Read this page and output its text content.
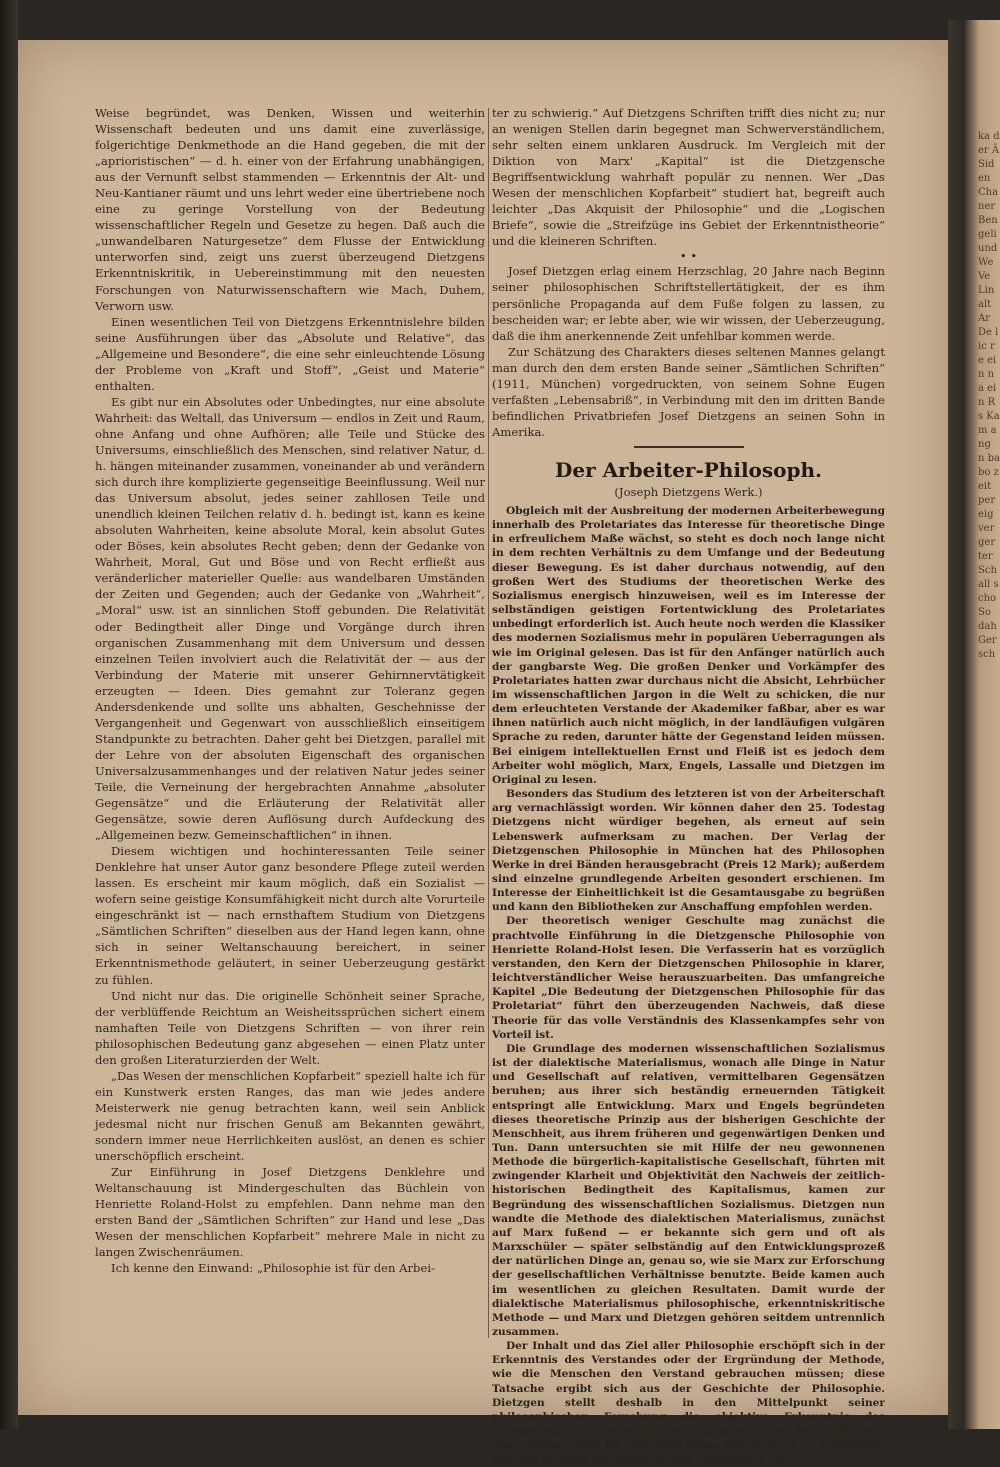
ka der Ä Siden Cha ner Ben geli und We Ve Lin alt Ar De lic re ein na ein R s Kam ang n ba bo zeit per eig ver ger ter Sch all scho So dah Ger sch

Weise begründet, was Denken, Wissen und weiterhin Wissenschaft bedeuten und uns damit eine zuverlässige, folgerichtige Denkmethode an die Hand gegeben, die mit der „aprioristischen“ — d. h. einer von der Erfahrung unabhängigen, aus der Vernunft selbst stammenden — Erkenntnis der Alt- und Neu-Kantianer räumt und uns lehrt weder eine übertriebene noch eine zu geringe Vorstellung von der Bedeutung wissenschaftlicher Regeln und Gesetze zu hegen. Daß auch die „unwandelbaren Naturgesetze“ dem Flusse der Entwicklung unterworfen sind, zeigt uns zuerst überzeugend Dietzgens Erkenntniskritik, in Uebereinstimmung mit den neuesten Forschungen von Naturwissenschaftern wie Mach, Duhem, Verworn usw.

Einen wesentlichen Teil von Dietzgens Erkenntnislehre bilden seine Ausführungen über das „Absolute und Relative“, das „Allgemeine und Besondere“, die eine sehr einleuchtende Lösung der Probleme von „Kraft und Stoff“, „Geist und Materie“ enthalten.

Es gibt nur ein Absolutes oder Unbedingtes, nur eine absolute Wahrheit: das Weltall, das Universum — endlos in Zeit und Raum, ohne Anfang und ohne Aufhören; alle Teile und Stücke des Universums, einschließlich des Menschen, sind relativer Natur, d. h. hängen miteinander zusammen, voneinander ab und verändern sich durch ihre komplizierte gegenseitige Beeinflussung. Weil nur das Universum absolut, jedes seiner zahllosen Teile und unendlich kleinen Teilchen relativ d. h. bedingt ist, kann es keine absoluten Wahrheiten, keine absolute Moral, kein absolut Gutes oder Böses, kein absolutes Recht geben; denn der Gedanke von Wahrheit, Moral, Gut und Böse und von Recht erfließt aus veränderlicher materieller Quelle: aus wandelbaren Umständen der Zeiten und Gegenden; auch der Gedanke von „Wahrheit“, „Moral“ usw. ist an sinnlichen Stoff gebunden. Die Relativität oder Bedingtheit aller Dinge und Vorgänge durch ihren organischen Zusammenhang mit dem Universum und dessen einzelnen Teilen involviert auch die Relativität der — aus der Verbindung der Materie mit unserer Gehirnnervtätigkeit erzeugten — Ideen. Dies gemahnt zur Toleranz gegen Andersdenkende und sollte uns abhalten, Geschehnisse der Vergangenheit und Gegenwart von ausschließlich einseitigem Standpunkte zu betrachten. Daher geht bei Dietzgen, parallel mit der Lehre von der absoluten Eigenschaft des organischen Universalzusammenhanges und der relativen Natur jedes seiner Teile, die Verneinung der hergebrachten Annahme „absoluter Gegensätze“ und die Erläuterung der Relativität aller Gegensätze, sowie deren Auflösung durch Aufdeckung des „Allgemeinen bezw. Gemeinschaftlichen“ in ihnen.

Diesem wichtigen und hochinteressanten Teile seiner Denklehre hat unser Autor ganz besondere Pflege zuteil werden lassen. Es erscheint mir kaum möglich, daß ein Sozialist — wofern seine geistige Konsumfähigkeit nicht durch alte Vorurteile eingeschränkt ist — nach ernsthaftem Studium von Dietzgens „Sämtlichen Schriften“ dieselben aus der Hand legen kann, ohne sich in seiner Weltanschauung bereichert, in seiner Erkenntnismethode geläutert, in seiner Ueberzeugung gestärkt zu fühlen.

Und nicht nur das. Die originelle Schönheit seiner Sprache, der verblüffende Reichtum an Weisheitssprüchen sichert einem namhaften Teile von Dietzgens Schriften — von ihrer rein philosophischen Bedeutung ganz abgesehen — einen Platz unter den großen Literaturzierden der Welt.

„Das Wesen der menschlichen Kopfarbeit“ speziell halte ich für ein Kunstwerk ersten Ranges, das man wie jedes andere Meisterwerk nie genug betrachten kann, weil sein Anblick jedesmal nicht nur frischen Genuß am Bekannten gewährt, sondern immer neue Herrlichkeiten auslöst, an denen es schier unerschöpflich erscheint.

Zur Einführung in Josef Dietzgens Denklehre und Weltanschauung ist Mindergeschulten das Büchlein von Henriette Roland-Holst zu empfehlen. Dann nehme man den ersten Band der „Sämtlichen Schriften“ zur Hand und lese „Das Wesen der menschlichen Kopfarbeit“ mehrere Male in nicht zu langen Zwischenräumen.

Ich kenne den Einwand: „Philosophie ist für den Arbei-

ter zu schwierig.“ Auf Dietzgens Schriften trifft dies nicht zu; nur an wenigen Stellen darin begegnet man Schwerverständlichem, sehr selten einem unklaren Ausdruck. Im Vergleich mit der Diktion von Marx' „Kapital“ ist die Dietzgensche Begriffsentwicklung wahrhaft populär zu nennen. Wer „Das Wesen der menschlichen Kopfarbeit“ studiert hat, begreift auch leichter „Das Akquisit der Philosophie“ und die „Logischen Briefe“, sowie die „Streifzüge ins Gebiet der Erkenntnistheorie“ und die kleineren Schriften.

• •

Josef Dietzgen erlag einem Herzschlag, 20 Jahre nach Beginn seiner philosophischen Schriftstellertätigkeit, der es ihm persönliche Propaganda auf dem Fuße folgen zu lassen, zu bescheiden war; er lebte aber, wie wir wissen, der Ueberzeugung, daß die ihm anerkennende Zeit unfehlbar kommen werde.

Zur Schätzung des Charakters dieses seltenen Mannes gelangt man durch den dem ersten Bande seiner „Sämtlichen Schriften“ (1911, München) vorgedruckten, von seinem Sohne Eugen verfaßten „Lebensabriß“, in Verbindung mit den im dritten Bande befindlichen Privatbriefen Josef Dietzgens an seinen Sohn in Amerika.

Der Arbeiter-Philosoph.
(Joseph Dietzgens Werk.)

Obgleich mit der Ausbreitung der modernen Arbeiterbewegung innerhalb des Proletariates das Interesse für theoretische Dinge in erfreulichem Maße wächst, so steht es doch noch lange nicht in dem rechten Verhältnis zu dem Umfange und der Bedeutung dieser Bewegung. Es ist daher durchaus notwendig, auf den großen Wert des Studiums der theoretischen Werke des Sozialismus energisch hinzuweisen, weil es im Interesse der selbständigen geistigen Fortentwicklung des Proletariates unbedingt erforderlich ist. Auch heute noch werden die Klassiker des modernen Sozialismus mehr in populären Ueberragungen als wie im Original gelesen. Das ist für den Anfänger natürlich auch der gangbarste Weg. Die großen Denker und Vorkämpfer des Proletariates hatten zwar durchaus nicht die Absicht, Lehrbücher im wissenschaftlichen Jargon in die Welt zu schicken, die nur dem erleuchteten Verstande der Akademiker faßbar, aber es war ihnen natürlich auch nicht möglich, in der landläufigen vulgären Sprache zu reden, darunter hätte der Gegenstand leiden müssen. Bei einigem intellektuellen Ernst und Fleiß ist es jedoch dem Arbeiter wohl möglich, Marx, Engels, Lassalle und Dietzgen im Original zu lesen.

Besonders das Studium des letzteren ist von der Arbeiterschaft arg vernachlässigt worden. Wir können daher den 25. Todestag Dietzgens nicht würdiger begehen, als erneut auf sein Lebenswerk aufmerksam zu machen. Der Verlag der Dietzgenschen Philosophie in München hat des Philosophen Werke in drei Bänden herausgebracht (Preis 12 Mark); außerdem sind einzelne grundlegende Arbeiten gesondert erschienen. Im Interesse der Einheitlichkeit ist die Gesamtausgabe zu begrüßen und kann den Bibliotheken zur Anschaffung empfohlen werden.

Der theoretisch weniger Geschulte mag zunächst die prachtvolle Einführung in die Dietzgensche Philosophie von Henriette Roland-Holst lesen. Die Verfasserin hat es vorzüglich verstanden, den Kern der Dietzgenschen Philosophie in klarer, leichtverständlicher Weise herauszuarbeiten. Das umfangreiche Kapitel „Die Bedeutung der Dietzgenschen Philosophie für das Proletariat“ führt den überzeugenden Nachweis, daß diese Theorie für das volle Verständnis des Klassenkampfes sehr von Vorteil ist.

Die Grundlage des modernen wissenschaftlichen Sozialismus ist der dialektische Materialismus, wonach alle Dinge in Natur und Gesellschaft auf relativen, vermittelbaren Gegensätzen beruhen; aus ihrer sich beständig erneuernden Tätigkeit entspringt alle Entwicklung. Marx und Engels begründeten dieses theoretische Prinzip aus der bisherigen Geschichte der Menschheit, aus ihrem früheren und gegenwärtigen Denken und Tun. Dann untersuchten sie mit Hilfe der neu gewonnenen Methode die bürgerlich-kapitalistische Gesellschaft, führten mit zwingender Klarheit und Objektivität den Nachweis der zeitlich-historischen Bedingtheit des Kapitalismus, kamen zur Begründung des wissenschaftlichen Sozialismus. Dietzgen nun wandte die Methode des dialektischen Materialismus, zunächst auf Marx fußend — er bekannte sich gern und oft als Marxschüler — später selbständig auf den Entwicklungsprozeß der natürlichen Dinge an, genau so, wie sie Marx zur Erforschung der gesellschaftlichen Verhältnisse benutzte. Beide kamen auch im wesentlichen zu gleichen Resultaten. Damit wurde der dialektische Materialismus philosophische, erkenntniskritische Methode — und Marx und Dietzgen gehören seitdem untrennlich zusammen.

Der Inhalt und das Ziel aller Philosophie erschöpft sich in der Erkenntnis des Verstandes oder der Ergründung der Methode, wie die Menschen den Verstand gebrauchen müssen; diese Tatsache ergibt sich aus der Geschichte der Philosophie. Dietzgen stellt deshalb in den Mittelpunkt seiner philosophischen Forschung die objektive Erkenntnis des Verstandes, der „Menschlichen Kopfarbeit“. Die Beschaffenheit des Geistes (Geist im weitesten Sinne des Wortes) zu ergründen, war das Streben der bürgerlichen Philosophie seit
